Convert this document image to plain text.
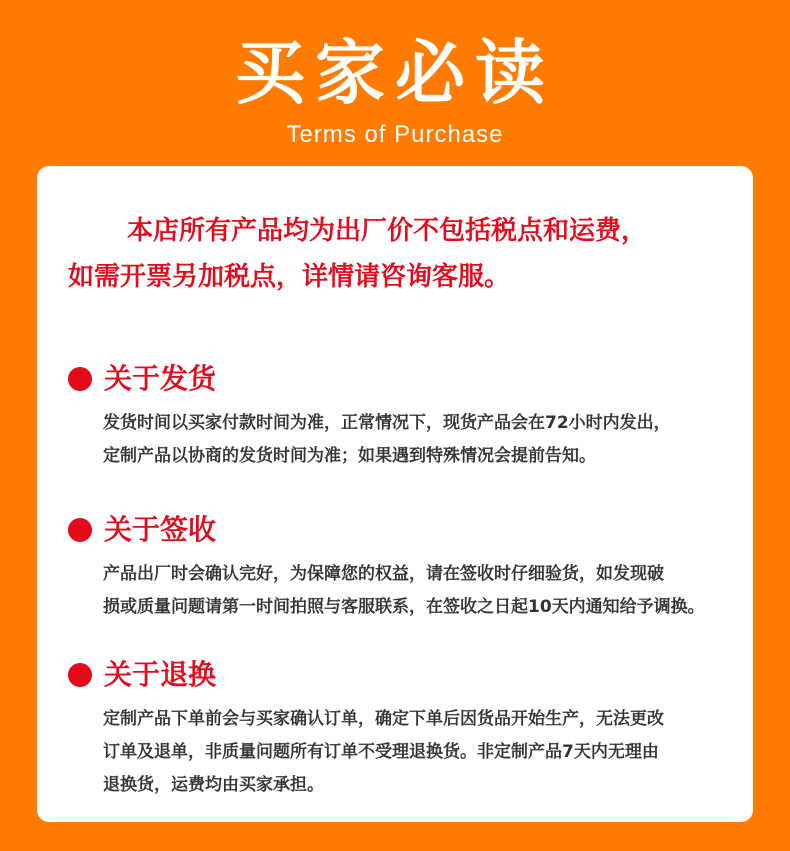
买家必读
Terms of Purchase

本店所有产品均为出厂价不包括税点和运费，
如需开票另加税点，详情请咨询客服。

关于发货

发货时间以买家付款时间为准，正常情况下，现货产品会在72小时内发出，
定制产品以协商的发货时间为准；如果遇到特殊情况会提前告知。

关于签收

产品出厂时会确认完好，为保障您的权益，请在签收时仔细验货，如发现破
损或质量问题请第一时间拍照与客服联系，在签收之日起10天内通知给予调换。

关于退换

定制产品下单前会与买家确认订单，确定下单后因货品开始生产，无法更改
订单及退单，非质量问题所有订单不受理退换货。非定制产品7天内无理由
退换货，运费均由买家承担。
